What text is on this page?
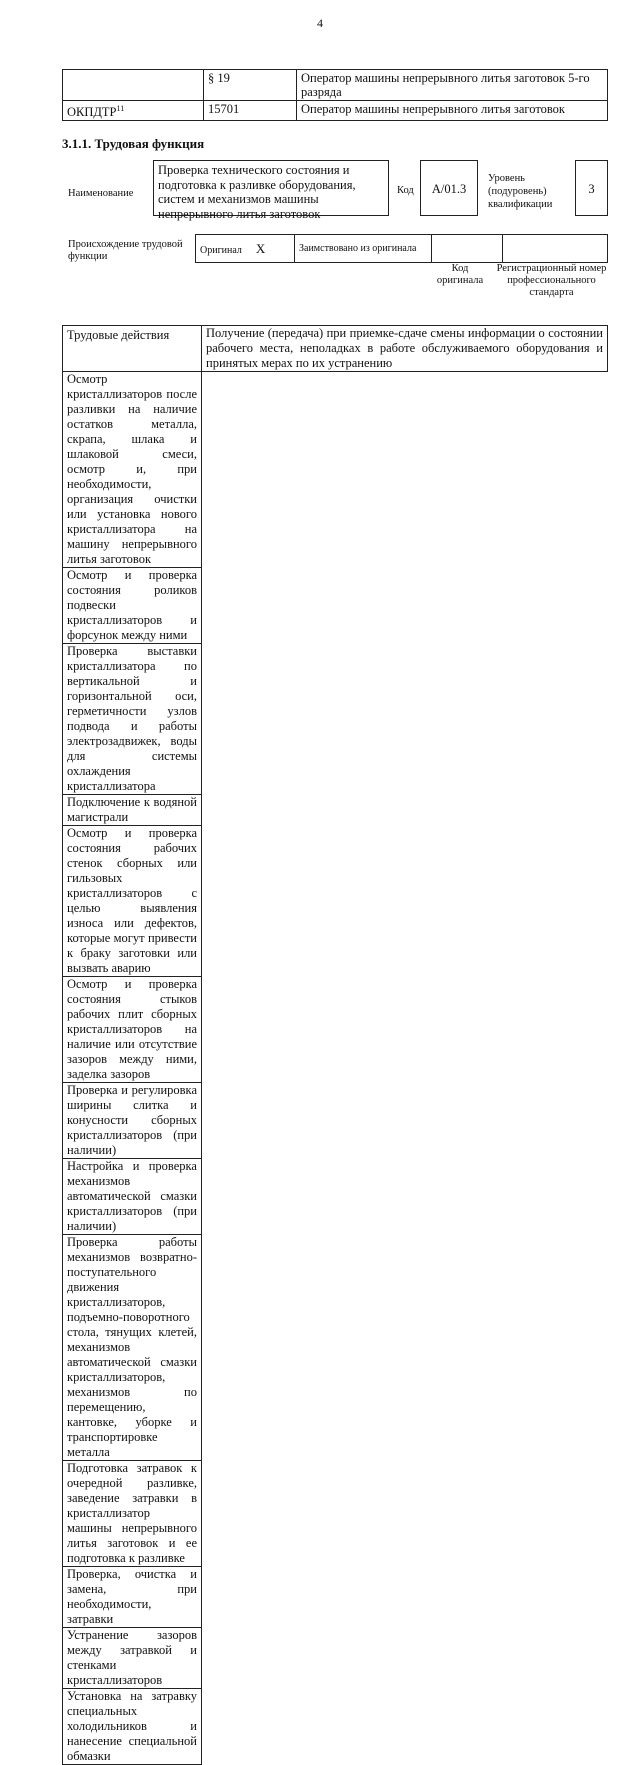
4
	§ 19	Оператор машины непрерывного литья заготовок 5-го разряда
ОКПДТР$^{11}$	15701	Оператор машины непрерывного литья заготовок
3.1.1. Трудовая функция
Наименование
Проверка технического состояния и подготовка к разливке оборудования, систем и механизмов машины непрерывного литья заготовок
Код	A/01.3
Уровень
(подуровень)
квалификации
3
Происхождение трудовой функции
Оригинал X	Заимствовано из оригинала		
Код оригинала
Регистрационный номер профессионального стандарта
Трудовые действия	Получение (передача) при приемке-сдаче смены информации о состоянии рабочего места, неполадках в работе обслуживаемого оборудования и принятых мерах по их устранению
Осмотр кристаллизаторов после разливки на наличие остатков металла, скрапа, шлака и шлаковой смеси, осмотр и, при необходимости, организация очистки или установка нового кристаллизатора на машину непрерывного литья заготовок
Осмотр и проверка состояния роликов подвески кристаллизаторов и форсунок между ними
Проверка выставки кристаллизатора по вертикальной и горизонтальной оси, герметичности узлов подвода и работы электрозадвижек, воды для системы охлаждения кристаллизатора
Подключение к водяной магистрали
Осмотр и проверка состояния рабочих стенок сборных или гильзовых кристаллизаторов с целью выявления износа или дефектов, которые могут привести к браку заготовки или вызвать аварию
Осмотр и проверка состояния стыков рабочих плит сборных кристаллизаторов на наличие или отсутствие зазоров между ними, заделка зазоров
Проверка и регулировка ширины слитка и конусности сборных кристаллизаторов (при наличии)
Настройка и проверка механизмов автоматической смазки кристаллизаторов (при наличии)
Проверка работы механизмов возвратно-поступательного движения кристаллизаторов, подъемно-поворотного стола, тянущих клетей, механизмов автоматической смазки кристаллизаторов, механизмов по перемещению, кантовке, уборке и транспортировке металла
Подготовка затравок к очередной разливке, заведение затравки в кристаллизатор машины непрерывного литья заготовок и ее подготовка к разливке
Проверка, очистка и замена, при необходимости, затравки
Устранение зазоров между затравкой и стенками кристаллизаторов
Установка на затравку специальных холодильников и нанесение специальной обмазки
